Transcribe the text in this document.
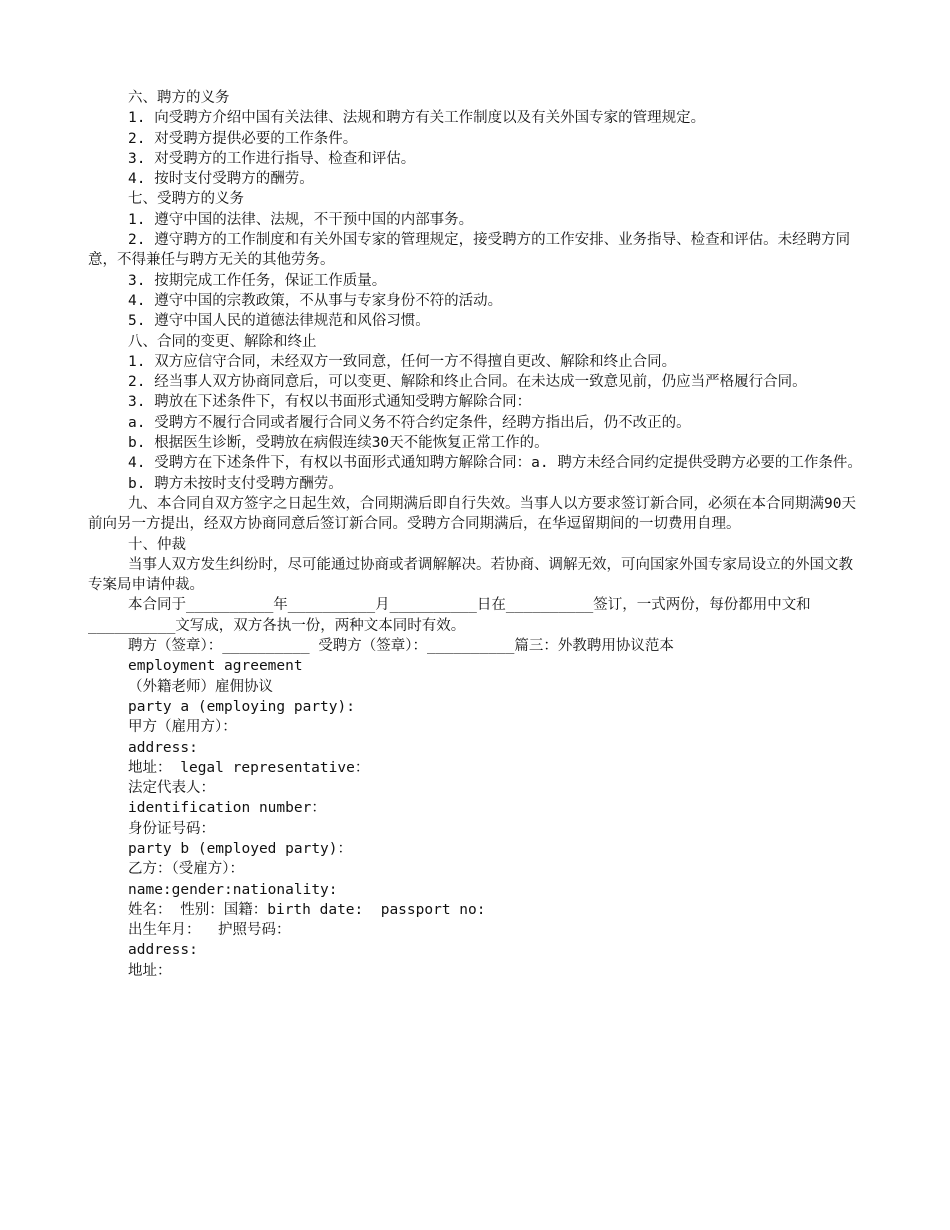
六、聘方的义务
1. 向受聘方介绍中国有关法律、法规和聘方有关工作制度以及有关外国专家的管理规定。
2. 对受聘方提供必要的工作条件。
3. 对受聘方的工作进行指导、检查和评估。
4. 按时支付受聘方的酬劳。
七、受聘方的义务
1. 遵守中国的法律、法规，不干预中国的内部事务。
2. 遵守聘方的工作制度和有关外国专家的管理规定，接受聘方的工作安排、业务指导、检查和评估。未经聘方同意，不得兼任与聘方无关的其他劳务。
3. 按期完成工作任务，保证工作质量。
4. 遵守中国的宗教政策，不从事与专家身份不符的活动。
5. 遵守中国人民的道德法律规范和风俗习惯。
八、合同的变更、解除和终止
1. 双方应信守合同，未经双方一致同意，任何一方不得擅自更改、解除和终止合同。
2. 经当事人双方协商同意后，可以变更、解除和终止合同。在未达成一致意见前，仍应当严格履行合同。
3. 聘放在下述条件下，有权以书面形式通知受聘方解除合同：
a. 受聘方不履行合同或者履行合同义务不符合约定条件，经聘方指出后，仍不改正的。
b. 根据医生诊断，受聘放在病假连续30天不能恢复正常工作的。
4. 受聘方在下述条件下，有权以书面形式通知聘方解除合同：a. 聘方未经合同约定提供受聘方必要的工作条件。
b. 聘方未按时支付受聘方酬劳。
九、本合同自双方签字之日起生效，合同期满后即自行失效。当事人以方要求签订新合同，必须在本合同期满90天前向另一方提出，经双方协商同意后签订新合同。受聘方合同期满后，在华逗留期间的一切费用自理。
十、仲裁
当事人双方发生纠纷时，尽可能通过协商或者调解解决。若协商、调解无效，可向国家外国专家局设立的外国文教专案局申请仲裁。
本合同于__________年__________月__________日在__________签订，一式两份，每份都用中文和__________文写成，双方各执一份，两种文本同时有效。
聘方（签章）：__________ 受聘方（签章）：__________篇三：外教聘用协议范本
employment agreement
（外籍老师）雇佣协议
party a (employing party):
甲方（雇用方）：
address:
地址： legal representative：
法定代表人：
identification number：
身份证号码：
party b (employed party)：
乙方：（受雇方）：
name:gender:nationality:
姓名： 性别：国籍：birth date:  passport no:
出生年月：  护照号码：
address:
地址：
